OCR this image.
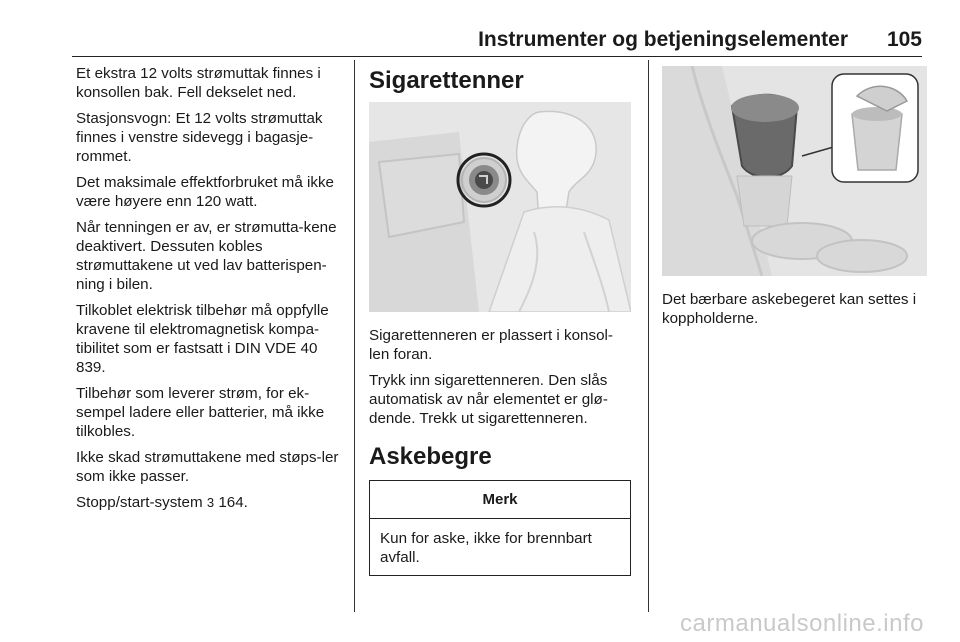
Instrumenter og betjeningselementer 105

Et ekstra 12 volts strømuttak finnes i konsollen bak. Fell dekselet ned.

Stasjonsvogn: Et 12 volts strømuttak finnes i venstre sidevegg i bagasje-rommet.

Det maksimale effektforbruket må ikke være høyere enn 120 watt.

Når tenningen er av, er strømutta-kene deaktivert. Dessuten kobles strømuttakene ut ved lav batterispen-ning i bilen.

Tilkoblet elektrisk tilbehør må oppfylle kravene til elektromagnetisk kompa-tibilitet som er fastsatt i DIN VDE 40 839.

Tilbehør som leverer strøm, for ek-sempel ladere eller batterier, må ikke tilkobles.

Ikke skad strømuttakene med støps-ler som ikke passer.

Stopp/start-system 3 164.

Sigarettenner

Sigarettenneren er plassert i konsol-len foran.

Trykk inn sigarettenneren. Den slås automatisk av når elementet er glø-dende. Trekk ut sigarettenneren.

Askebegre
Merk
Kun for aske, ikke for brennbart avfall.

Det bærbare askebegeret kan settes i koppholderne.

carmanualsonline.info
